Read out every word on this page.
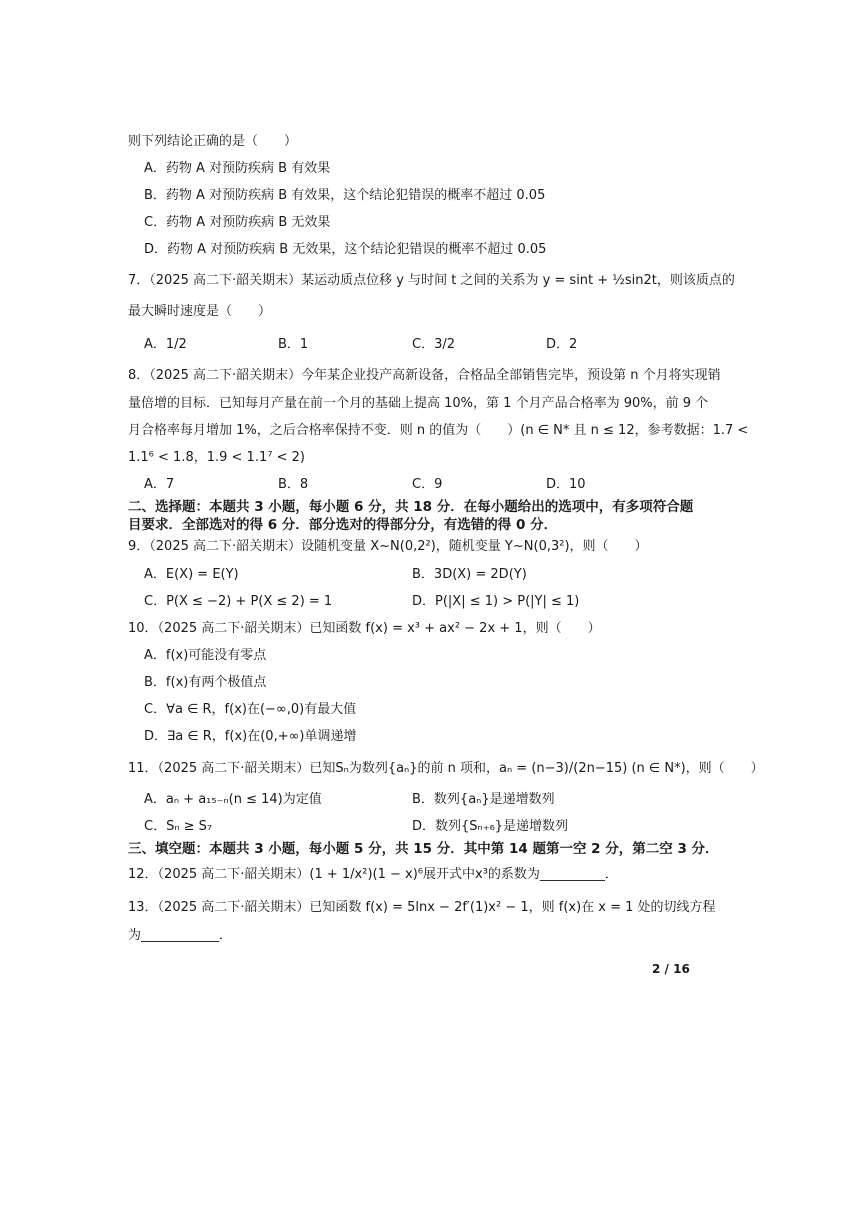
则下列结论正确的是（　　）
A．药物 A 对预防疾病 B 有效果
B．药物 A 对预防疾病 B 有效果，这个结论犯错误的概率不超过 0.05
C．药物 A 对预防疾病 B 无效果
D．药物 A 对预防疾病 B 无效果，这个结论犯错误的概率不超过 0.05
7．（2025 高二下·韶关期末）某运动质点位移 y 与时间 t 之间的关系为 y = sint + ½sin2t，则该质点的
最大瞬时速度是（　　）
A．1/2	B．1	C．3/2	D．2
8．（2025 高二下·韶关期末）今年某企业投产高新设备，合格品全部销售完毕，预设第 n 个月将实现销
量倍增的目标．已知每月产量在前一个月的基础上提高 10%，第 1 个月产品合格率为 90%，前 9 个
月合格率每月增加 1%，之后合格率保持不变．则 n 的值为（　　）(n ∈ N* 且 n ≤ 12，参考数据：1.7 <
1.1⁶ < 1.8，1.9 < 1.1⁷ < 2)
A．7	B．8	C．9	D．10
二、选择题：本题共 3 小题，每小题 6 分，共 18 分．在每小题给出的选项中，有多项符合题
目要求．全部选对的得 6 分．部分选对的得部分分，有选错的得 0 分．
9．（2025 高二下·韶关期末）设随机变量 X~N(0,2²)，随机变量 Y~N(0,3²)，则（　　）
A．E(X) = E(Y)	B．3D(X) = 2D(Y)
C．P(X ≤ −2) + P(X ≤ 2) = 1	D．P(|X| ≤ 1) > P(|Y| ≤ 1)
10．（2025 高二下·韶关期末）已知函数 f(x) = x³ + ax² − 2x + 1，则（　　）
A．f(x)可能没有零点
B．f(x)有两个极值点
C．∀a ∈ R，f(x)在(−∞,0)有最大值
D．∃a ∈ R，f(x)在(0,+∞)单调递增
11．（2025 高二下·韶关期末）已知Sₙ为数列{aₙ}的前 n 项和，aₙ = (n−3)/(2n−15) (n ∈ N*)，则（　　）
A．aₙ + a₁₅₋ₙ(n ≤ 14)为定值	B．数列{aₙ}是递增数列
C．Sₙ ≥ S₇	D．数列{Sₙ₊₆}是递增数列
三、填空题：本题共 3 小题，每小题 5 分，共 15 分．其中第 14 题第一空 2 分，第二空 3 分．
12．（2025 高二下·韶关期末）(1 + 1/x²)(1 − x)⁶展开式中x³的系数为__________．
13．（2025 高二下·韶关期末）已知函数 f(x) = 5lnx − 2f′(1)x² − 1，则 f(x)在 x = 1 处的切线方程
为____________．
2 / 16
